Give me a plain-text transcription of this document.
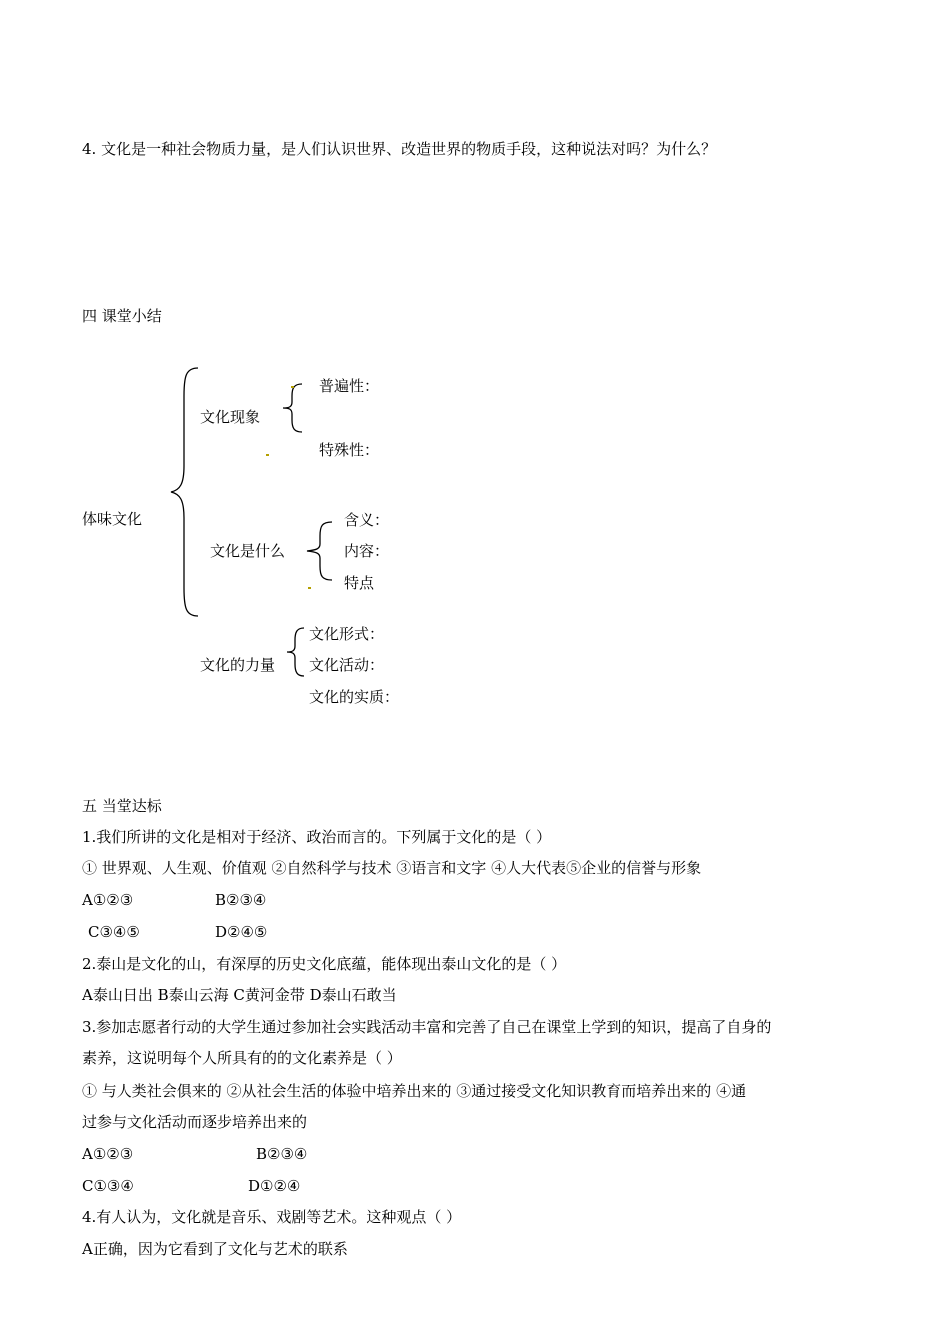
4. 文化是一种社会物质力量，是人们认识世界、改造世界的物质手段，这种说法对吗？为什么？
四 课堂小结
体味文化
文化现象
普遍性：
特殊性：
文化是什么
含义：
内容：
特点
文化的力量
文化形式：
文化活动：
文化的实质：
五 当堂达标
1.我们所讲的文化是相对于经济、政治而言的。下列属于文化的是（ ）
① 世界观、人生观、价值观 ②自然科学与技术 ③语言和文字 ④人大代表⑤企业的信誉与形象
A①②③	B②③④
C③④⑤	D②④⑤
2.泰山是文化的山，有深厚的历史文化底蕴，能体现出泰山文化的是（ ）
A泰山日出 B泰山云海 C黄河金带 D泰山石敢当
3.参加志愿者行动的大学生通过参加社会实践活动丰富和完善了自己在课堂上学到的知识，提高了自身的
素养，这说明每个人所具有的的文化素养是（ ）
① 与人类社会俱来的 ②从社会生活的体验中培养出来的 ③通过接受文化知识教育而培养出来的 ④通
过参与文化活动而逐步培养出来的
A①②③	B②③④
C①③④	D①②④
4.有人认为，文化就是音乐、戏剧等艺术。这种观点（ ）
A正确，因为它看到了文化与艺术的联系
